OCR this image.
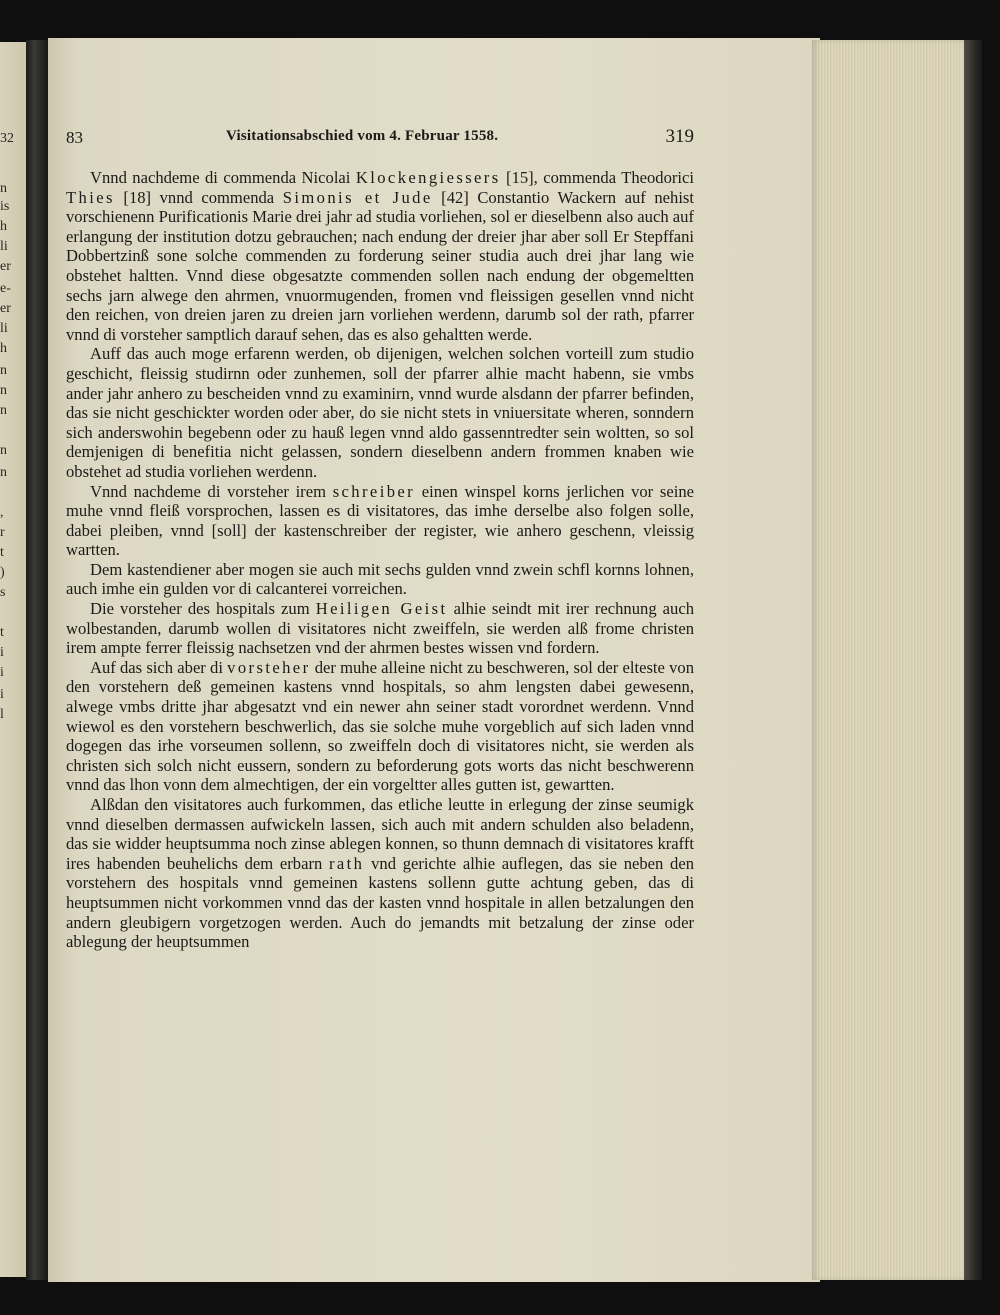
32
n
is
h
li
er
e-
er
li
h
n
n
n
n
n
,
r
t
)
s
t
i
i
i
l
83	Visitationsabschied vom 4. Februar 1558.	319

Vnnd nachdeme di commenda Nicolai Klockengiessers [15], commenda Theodorici Thies [18] vnnd commenda Simonis et Jude [42] Constantio Wackern auf nehist vorschienenn Purificationis Marie drei jahr ad studia vorliehen, sol er dieselbenn also auch auf erlangung der institution dotzu gebrauchen; nach endung der dreier jhar aber soll Er Stepffani Dobbertzinß sone solche commenden zu forderung seiner studia auch drei jhar lang wie obstehet haltten. Vnnd diese obgesatzte commenden sollen nach endung der obgemeltten sechs jarn alwege den ahrmen, vnuormugenden, fromen vnd fleissigen gesellen vnnd nicht den reichen, von dreien jaren zu dreien jarn vorliehen werdenn, darumb sol der rath, pfarrer vnnd di vorsteher samptlich darauf sehen, das es also gehaltten werde.

Auff das auch moge erfarenn werden, ob dijenigen, welchen solchen vorteill zum studio geschicht, fleissig studirnn oder zunhemen, soll der pfarrer alhie macht habenn, sie vmbs ander jahr anhero zu bescheiden vnnd zu examinirn, vnnd wurde alsdann der pfarrer befinden, das sie nicht geschickter worden oder aber, do sie nicht stets in vniuersitate wheren, sonndern sich anderswohin begebenn oder zu hauß legen vnnd aldo gassenntredter sein woltten, so sol demjenigen di benefitia nicht gelassen, sondern dieselbenn andern frommen knaben wie obstehet ad studia vorliehen werdenn.

Vnnd nachdeme di vorsteher irem schreiber einen winspel korns jerlichen vor seine muhe vnnd fleiß vorsprochen, lassen es di visitatores, das imhe derselbe also folgen solle, dabei pleiben, vnnd [soll] der kastenschreiber der register, wie anhero geschenn, vleissig wartten.

Dem kastendiener aber mogen sie auch mit sechs gulden vnnd zwein schfl kornns lohnen, auch imhe ein gulden vor di calcanterei vorreichen.

Die vorsteher des hospitals zum Heiligen Geist alhie seindt mit irer rechnung auch wolbestanden, darumb wollen di visitatores nicht zweiffeln, sie werden alß frome christen irem ampte ferrer fleissig nachsetzen vnd der ahrmen bestes wissen vnd fordern.

Auf das sich aber di vorsteher der muhe alleine nicht zu beschweren, sol der elteste von den vorstehern deß gemeinen kastens vnnd hospitals, so ahm lengsten dabei gewesenn, alwege vmbs dritte jhar abgesatzt vnd ein newer ahn seiner stadt vorordnet werdenn. Vnnd wiewol es den vorstehern beschwerlich, das sie solche muhe vorgeblich auf sich laden vnnd dogegen das irhe vorseumen sollenn, so zweiffeln doch di visitatores nicht, sie werden als christen sich solch nicht eussern, sondern zu beforderung gots worts das nicht beschwerenn vnnd das lhon vonn dem almechtigen, der ein vorgeltter alles gutten ist, gewartten.

Alßdan den visitatores auch furkommen, das etliche leutte in erlegung der zinse seumigk vnnd dieselben dermassen aufwickeln lassen, sich auch mit andern schulden also beladenn, das sie widder heuptsumma noch zinse ablegen konnen, so thunn demnach di visitatores krafft ires habenden beuhelichs dem erbarn rath vnd gerichte alhie auflegen, das sie neben den vorstehern des hospitals vnnd gemeinen kastens sollenn gutte achtung geben, das di heuptsummen nicht vorkommen vnnd das der kasten vnnd hospitale in allen betzalungen den andern gleubigern vorgetzogen werden. Auch do jemandts mit betzalung der zinse oder ablegung der heuptsummen
